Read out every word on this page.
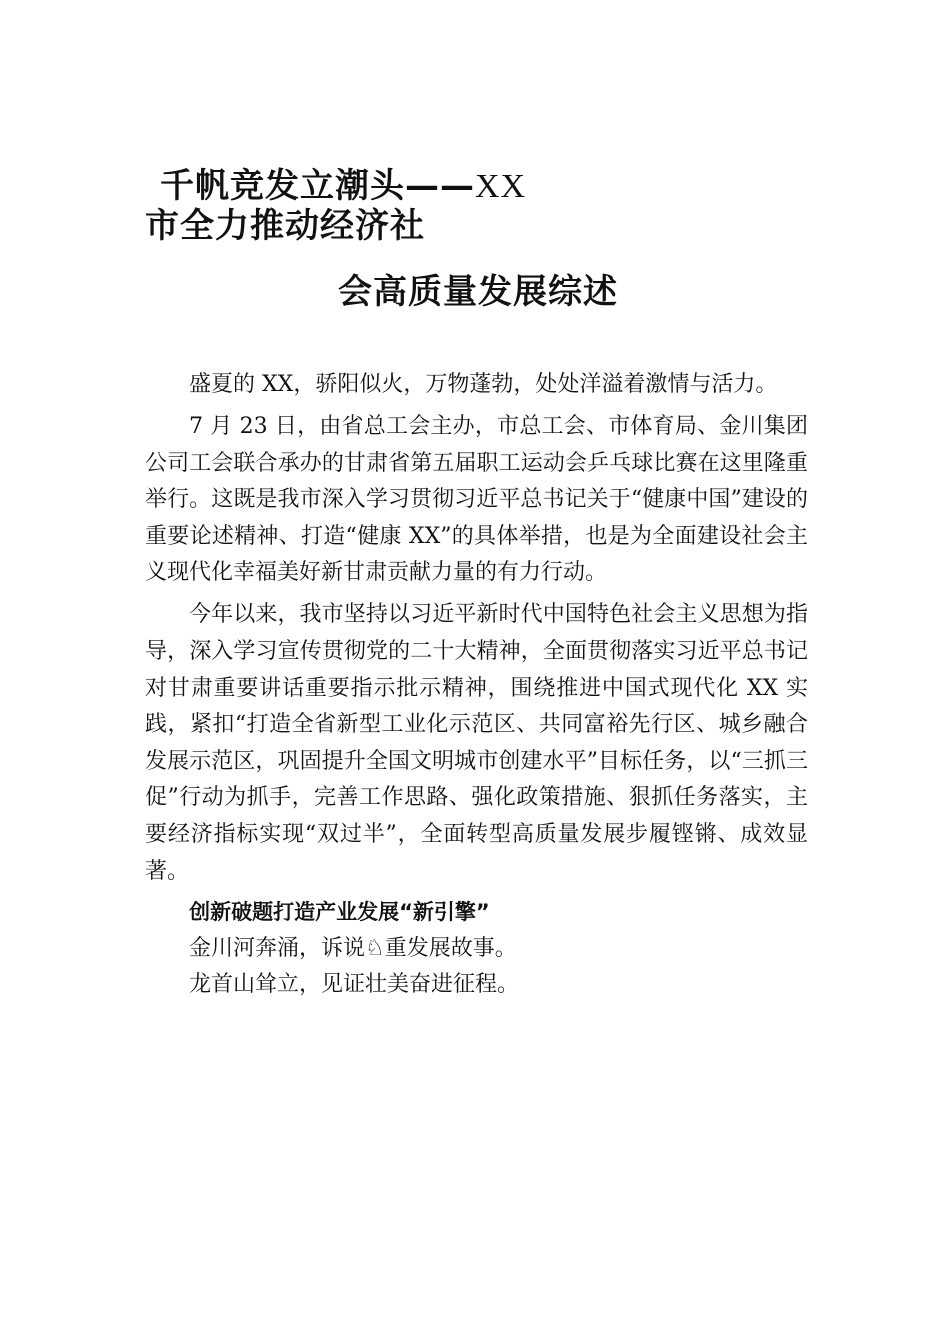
千帆竞发立潮头——XX
市全力推动经济社
会高质量发展综述

盛夏的 XX，骄阳似火，万物蓬勃，处处洋溢着激情与活力。

7 月 23 日，由省总工会主办，市总工会、市体育局、金川集团公司工会联合承办的甘肃省第五届职工运动会乒乓球比赛在这里隆重举行。这既是我市深入学习贯彻习近平总书记关于“健康中国”建设的重要论述精神、打造“健康 XX”的具体举措，也是为全面建设社会主义现代化幸福美好新甘肃贡献力量的有力行动。

今年以来，我市坚持以习近平新时代中国特色社会主义思想为指导，深入学习宣传贯彻党的二十大精神，全面贯彻落实习近平总书记对甘肃重要讲话重要指示批示精神，围绕推进中国式现代化 XX 实践，紧扣“打造全省新型工业化示范区、共同富裕先行区、城乡融合发展示范区，巩固提升全国文明城市创建水平”目标任务，以“三抓三促”行动为抓手，完善工作思路、强化政策措施、狠抓任务落实，主要经济指标实现“双过半”，全面转型高质量发展步履铿锵、成效显著。

创新破题打造产业发展“新引擎”

金川河奔涌，诉说♘重发展故事。

龙首山耸立，见证壮美奋进征程。
